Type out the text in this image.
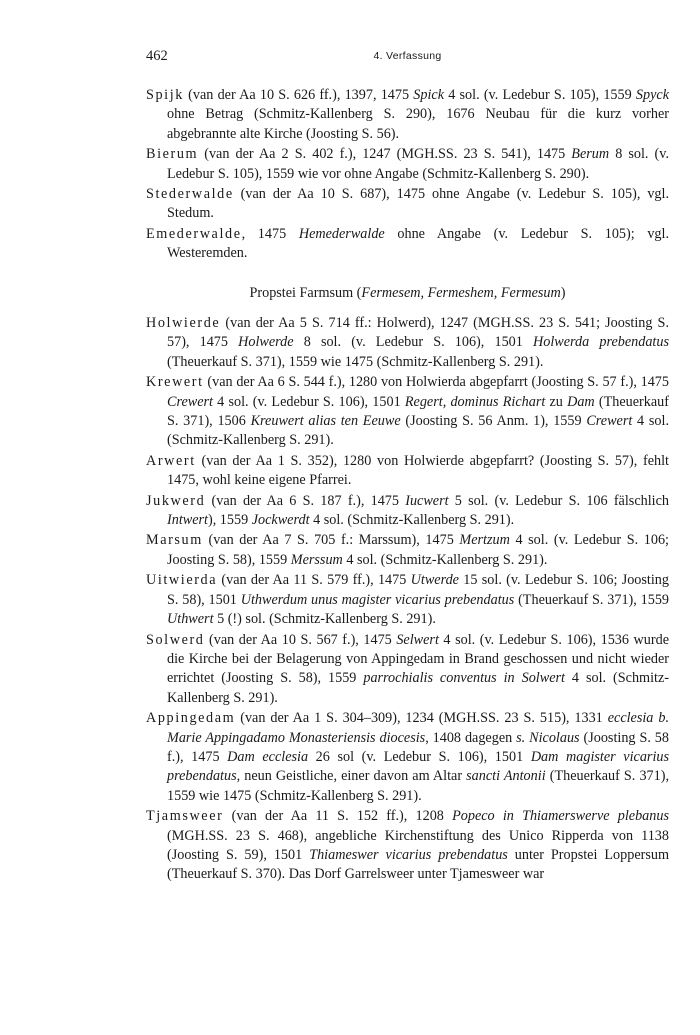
462	4. Verfassung

Spijk (van der Aa 10 S. 626 ff.), 1397, 1475 Spick 4 sol. (v. Ledebur S. 105), 1559 Spyck ohne Betrag (Schmitz-Kallenberg S. 290), 1676 Neubau für die kurz vorher abgebrannte alte Kirche (Joosting S. 56).

Bierum (van der Aa 2 S. 402 f.), 1247 (MGH.SS. 23 S. 541), 1475 Berum 8 sol. (v. Ledebur S. 105), 1559 wie vor ohne Angabe (Schmitz-Kallenberg S. 290).

Stederwalde (van der Aa 10 S. 687), 1475 ohne Angabe (v. Ledebur S. 105), vgl. Stedum.

Emederwalde, 1475 Hemederwalde ohne Angabe (v. Ledebur S. 105); vgl. Westeremden.

Propstei Farmsum (Fermesem, Fermeshem, Fermesum)

Holwierde (van der Aa 5 S. 714 ff.: Holwerd), 1247 (MGH.SS. 23 S. 541; Joosting S. 57), 1475 Holwerde 8 sol. (v. Ledebur S. 106), 1501 Holwerda prebendatus (Theuerkauf S. 371), 1559 wie 1475 (Schmitz-Kallenberg S. 291).

Krewert (van der Aa 6 S. 544 f.), 1280 von Holwierda abgepfarrt (Joosting S. 57 f.), 1475 Crewert 4 sol. (v. Ledebur S. 106), 1501 Regert, dominus Richart zu Dam (Theuerkauf S. 371), 1506 Kreuwert alias ten Eeuwe (Joosting S. 56 Anm. 1), 1559 Crewert 4 sol. (Schmitz-Kallenberg S. 291).

Arwert (van der Aa 1 S. 352), 1280 von Holwierde abgepfarrt? (Joosting S. 57), fehlt 1475, wohl keine eigene Pfarrei.

Jukwerd (van der Aa 6 S. 187 f.), 1475 Iucwert 5 sol. (v. Ledebur S. 106 fälschlich Intwert), 1559 Jockwerdt 4 sol. (Schmitz-Kallenberg S. 291).

Marsum (van der Aa 7 S. 705 f.: Marssum), 1475 Mertzum 4 sol. (v. Ledebur S. 106; Joosting S. 58), 1559 Merssum 4 sol. (Schmitz-Kallenberg S. 291).

Uitwierda (van der Aa 11 S. 579 ff.), 1475 Utwerde 15 sol. (v. Ledebur S. 106; Joosting S. 58), 1501 Uthwerdum unus magister vicarius prebendatus (Theuerkauf S. 371), 1559 Uthwert 5 (!) sol. (Schmitz-Kallenberg S. 291).

Solwerd (van der Aa 10 S. 567 f.), 1475 Selwert 4 sol. (v. Ledebur S. 106), 1536 wurde die Kirche bei der Belagerung von Appingedam in Brand geschossen und nicht wieder errichtet (Joosting S. 58), 1559 parrochialis conventus in Solwert 4 sol. (Schmitz-Kallenberg S. 291).

Appingedam (van der Aa 1 S. 304–309), 1234 (MGH.SS. 23 S. 515), 1331 ecclesia b. Marie Appingadamo Monasteriensis diocesis, 1408 dagegen s. Nicolaus (Joosting S. 58 f.), 1475 Dam ecclesia 26 sol (v. Ledebur S. 106), 1501 Dam magister vicarius prebendatus, neun Geistliche, einer davon am Altar sancti Antonii (Theuerkauf S. 371), 1559 wie 1475 (Schmitz-Kallenberg S. 291).

Tjamsweer (van der Aa 11 S. 152 ff.), 1208 Popeco in Thiamerswerve plebanus (MGH.SS. 23 S. 468), angebliche Kirchenstiftung des Unico Ripperda von 1138 (Joosting S. 59), 1501 Thiameswer vicarius prebendatus unter Propstei Loppersum (Theuerkauf S. 370). Das Dorf Garrelsweer unter Tjamesweer war
